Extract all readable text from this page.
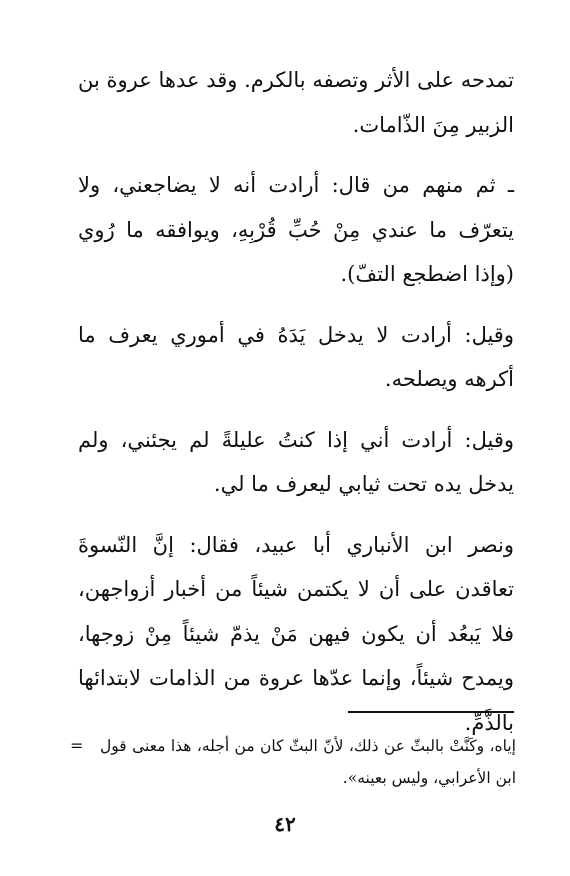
تمدحه على الأثر وتصفه بالكرم. وقد عدها عروة بن الزبير مِنَ الذّامات.

ـ ثم منهم من قال: أرادت أنه لا يضاجعني، ولا يتعرّف ما عندي مِنْ حُبِّ قُرْبِهِ، ويوافقه ما رُوي (وإذا اضطجع التفّ).

وقيل: أرادت لا يدخل يَدَهُ في أموري يعرف ما أكرهه ويصلحه.

وقيل: أرادت أني إذا كنتُ عليلةً لم يجئني، ولم يدخل يده تحت ثيابي ليعرف ما لي.

ونصر ابن الأنباري أبا عبيد، فقال: إنَّ النّسوةَ تعاقدن على أن لا يكتمن شيئاً من أخبار أزواجهن، فلا يَبعُد أن يكون فيهن مَنْ يذمّ شيئاً مِنْ زوجها، ويمدح شيئاً، وإنما عدّها عروة من الذامات لابتدائها بالذَّمِّ.

= إياه، وكَنَّتْ بالبثّ عن ذلك، لأنّ البثّ كان من أجله، هذا معنى قول ابن الأعرابي، وليس بعينه».
٤٢
